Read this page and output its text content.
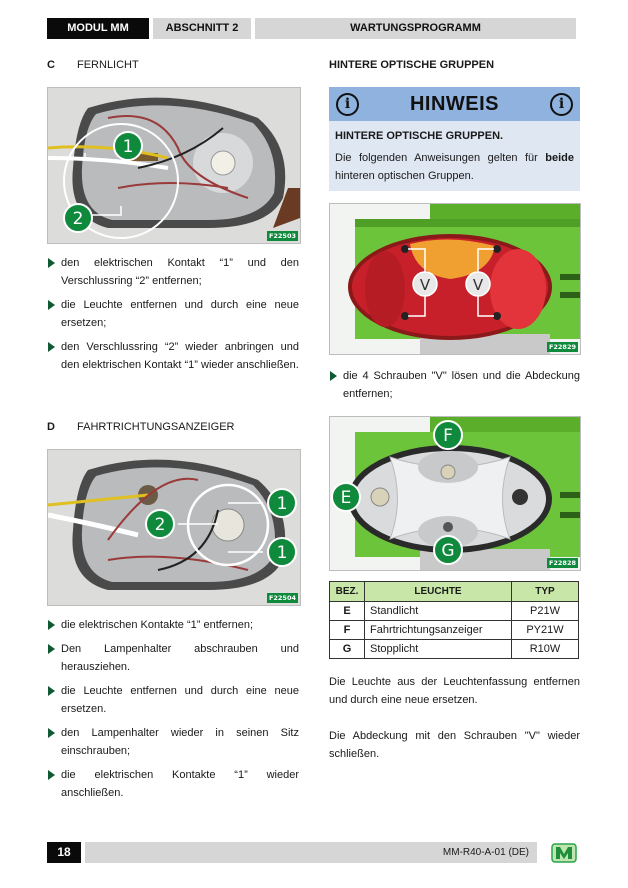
MODUL MM	ABSCHNITT 2	WARTUNGSPROGRAMM
C FERNLICHT
1
2
F22503
den elektrischen Kontakt “1” und den Verschlussring “2” entfernen;
die Leuchte entfernen und durch eine neue ersetzen;
den Verschlussring “2” wieder anbringen und den elektrischen Kontakt “1” wieder anschließen.
D FAHRTRICHTUNGSANZEIGER
2
1
1
F22504
die elektrischen Kontakte “1” entfernen;
Den Lampenhalter abschrauben und herausziehen.
die Leuchte entfernen und durch eine neue ersetzen.
den Lampenhalter wieder in seinen Sitz einschrauben;
die elektrischen Kontakte “1” wieder anschließen.
HINTERE OPTISCHE GRUPPEN
i	HINWEIS	i
HINTERE OPTISCHE GRUPPEN.
Die folgenden Anweisungen gelten für beide hinteren optischen Gruppen.
V	V
F22829
die 4 Schrauben "V" lösen und die Abdeckung entfernen;
F
E
G
F22828
BEZ.	LEUCHTE	TYP
E	Standlicht	P21W
F	Fahrtrichtungsanzeiger	PY21W
G	Stopplicht	R10W
Die Leuchte aus der Leuchtenfassung entfernen und durch eine neue ersetzen.
Die Abdeckung mit den Schrauben "V" wieder schließen.
18	MM-R40-A-01 (DE)
